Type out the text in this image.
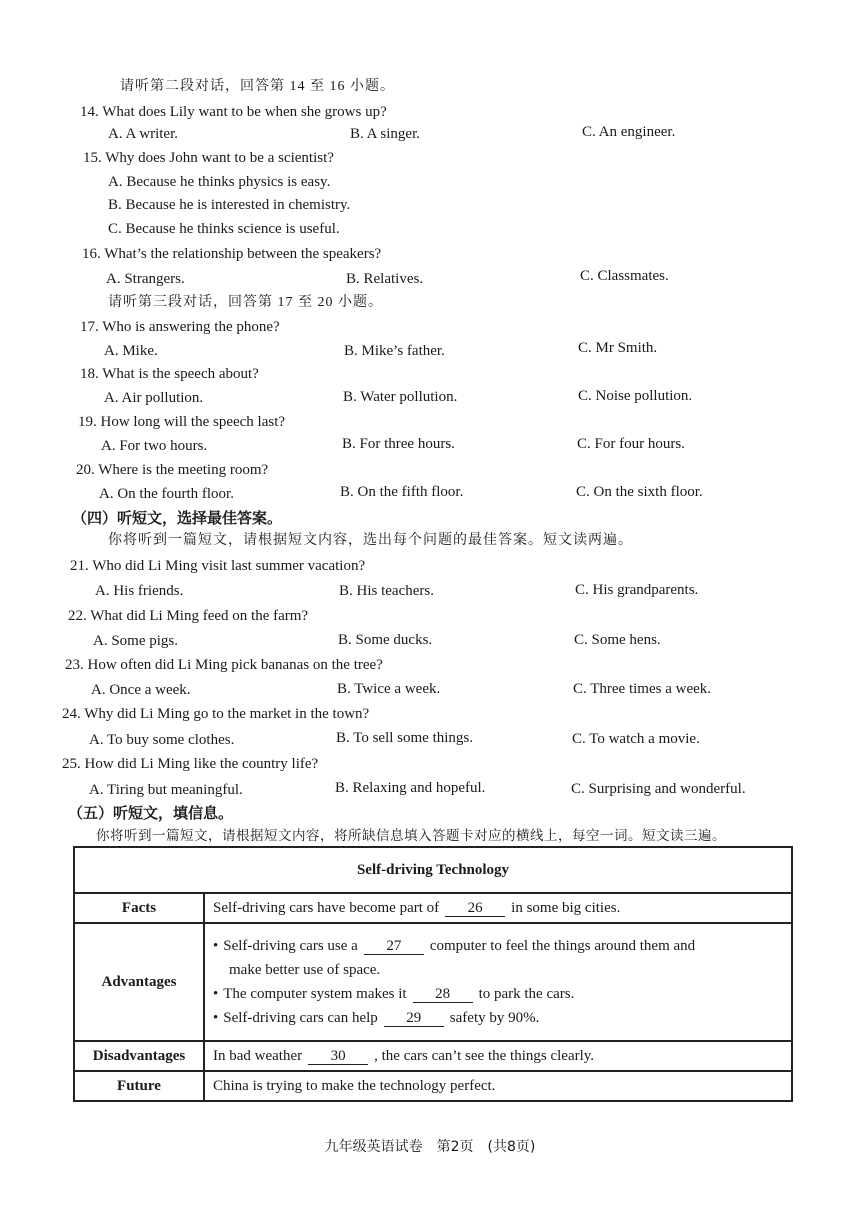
请听第二段对话，回答第 14 至 16 小题。
14. What does Lily want to be when she grows up?
A. A writer.	B. A singer.	C. An engineer.
15. Why does John want to be a scientist?
A. Because he thinks physics is easy.
B. Because he is interested in chemistry.
C. Because he thinks science is useful.
16. What’s the relationship between the speakers?
A. Strangers.	B. Relatives.	C. Classmates.
请听第三段对话，回答第 17 至 20 小题。
17. Who is answering the phone?
A. Mike.	B. Mike’s father.	C. Mr Smith.
18. What is the speech about?
A. Air pollution.	B. Water pollution.	C. Noise pollution.
19. How long will the speech last?
A. For two hours.	B. For three hours.	C. For four hours.
20. Where is the meeting room?
A. On the fourth floor.	B. On the fifth floor.	C. On the sixth floor.
（四）听短文，选择最佳答案。
你将听到一篇短文，请根据短文内容，选出每个问题的最佳答案。短文读两遍。
21. Who did Li Ming visit last summer vacation?
A. His friends.	B. His teachers.	C. His grandparents.
22. What did Li Ming feed on the farm?
A. Some pigs.	B. Some ducks.	C. Some hens.
23. How often did Li Ming pick bananas on the tree?
A. Once a week.	B. Twice a week.	C. Three times a week.
24. Why did Li Ming go to the market in the town?
A. To buy some clothes.	B. To sell some things.	C. To watch a movie.
25. How did Li Ming like the country life?
A. Tiring but meaningful.	B. Relaxing and hopeful.	C. Surprising and wonderful.
（五）听短文，填信息。
你将听到一篇短文，请根据短文内容，将所缺信息填入答题卡对应的横线上，每空一词。短文读三遍。
Self-driving Technology	
Facts	Self-driving cars have become part of 26 in some big cities.
Advantages	• Self-driving cars use a 27 computer to feel the things around them and
make better use of space.
• The computer system makes it 28 to park the cars.
• Self-driving cars can help 29 safety by 90%.

Disadvantages	In bad weather 30 , the cars can’t see the things clearly.
Future	China is trying to make the technology perfect.
九年级英语试卷　第2页　(共8页)
